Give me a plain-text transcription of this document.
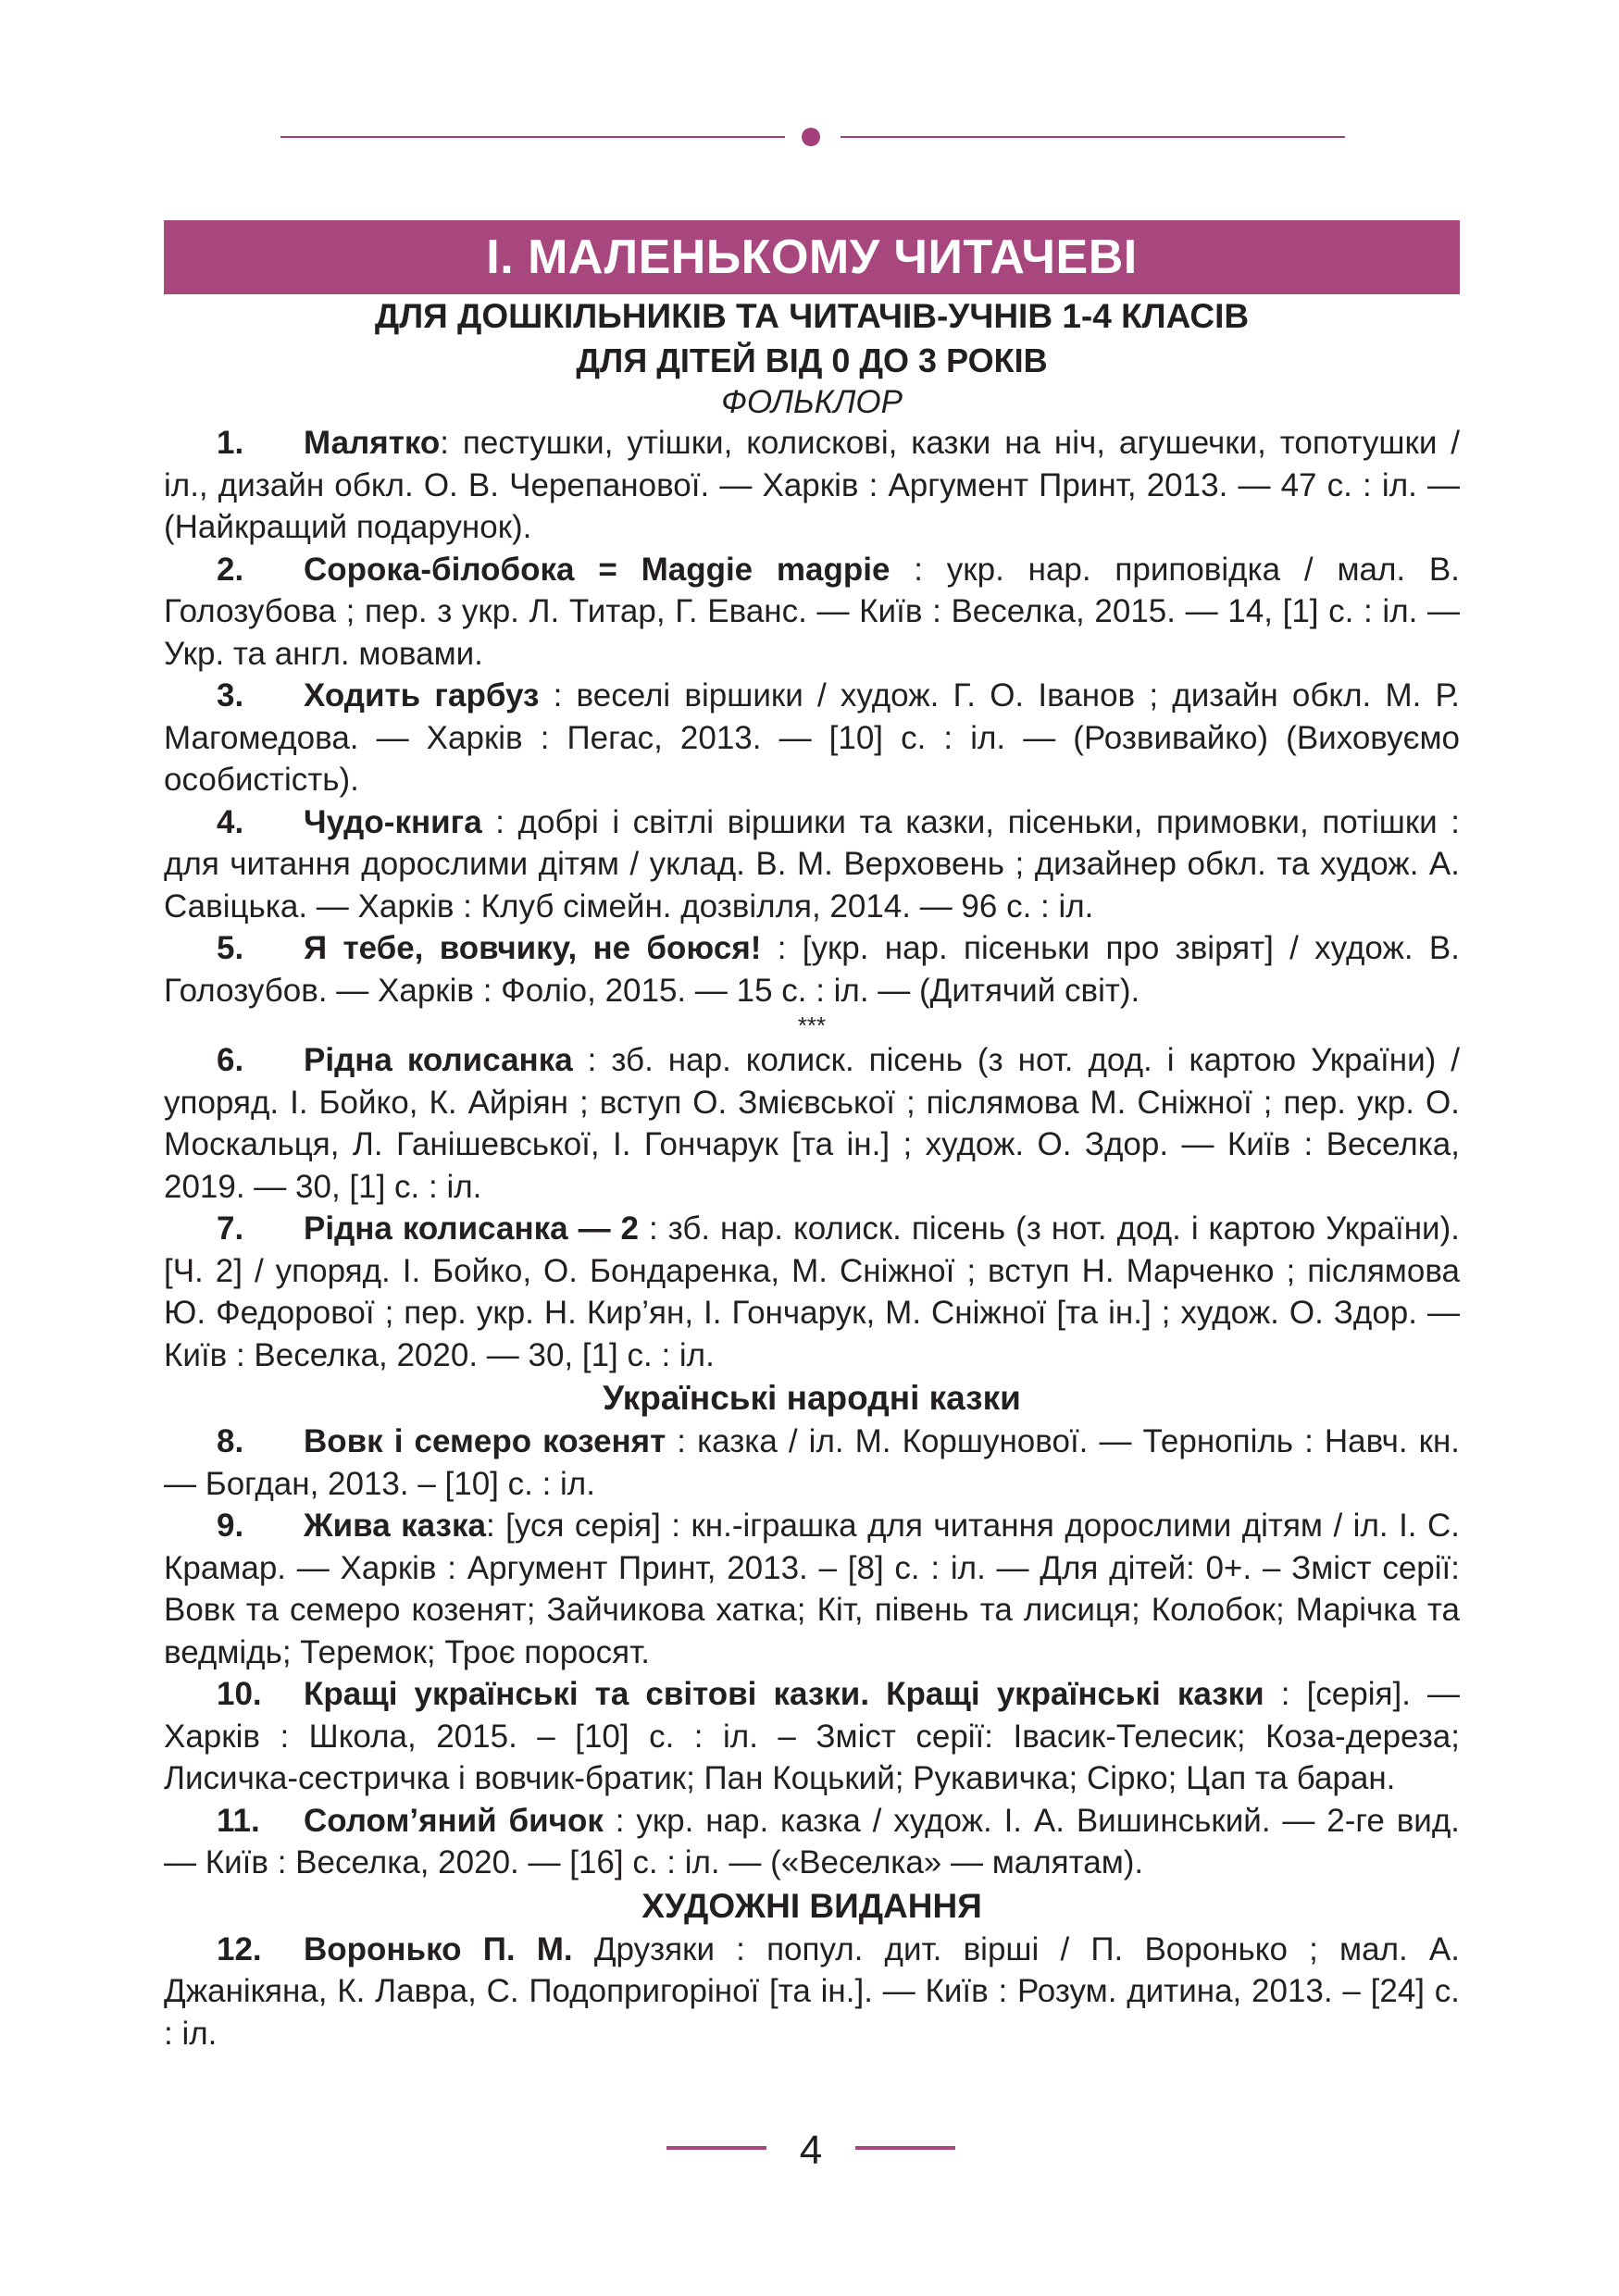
І. МАЛЕНЬКОМУ ЧИТАЧЕВІ
ДЛЯ ДОШКІЛЬНИКІВ ТА ЧИТАЧІВ-УЧНІВ 1-4 КЛАСІВ
ДЛЯ ДІТЕЙ ВІД 0 ДО 3 РОКІВ
ФОЛЬКЛОР
1. Малятко: пестушки, утішки, колискові, казки на ніч, агушечки, топотушки / іл., дизайн обкл. О. В. Черепанової. — Харків : Аргумент Принт, 2013. — 47 с. : іл. — (Найкращий подарунок).
2. Сорока-білобока = Maggie magpie : укр. нар. приповідка / мал. В. Голозубова ; пер. з укр. Л. Титар, Г. Еванс. — Київ : Веселка, 2015. — 14, [1] с. : іл. — Укр. та англ. мовами.
3. Ходить гарбуз : веселі віршики / худож. Г. О. Іванов ; дизайн обкл. М. Р. Магомедова. — Харків : Пегас, 2013. — [10] с. : іл. — (Розвивайко) (Виховуємо особистість).
4. Чудо-книга : добрі і світлі віршики та казки, пісеньки, примовки, потішки : для читання дорослими дітям / уклад. В. М. Верховень ; дизайнер обкл. та худож. А. Савіцька. — Харків : Клуб сімейн. дозвілля, 2014. — 96 с. : іл.
5. Я тебе, вовчику, не боюся! : [укр. нар. пісеньки про звірят] / худож. В. Голозубов. — Харків : Фоліо, 2015. — 15 с. : іл. — (Дитячий світ).
***
6. Рідна колисанка : зб. нар. колиск. пісень (з нот. дод. і картою України) / упоряд. І. Бойко, К. Айріян ; вступ О. Змієвської ; післямова М. Сніжної ; пер. укр. О. Москальця, Л. Ганішевської, І. Гончарук [та ін.] ; худож. О. Здор. — Київ : Веселка, 2019. — 30, [1] с. : іл.
7. Рідна колисанка — 2 : зб. нар. колиск. пісень (з нот. дод. і картою України). [Ч. 2] / упоряд. І. Бойко, О. Бондаренка, М. Сніжної ; вступ Н. Марченко ; післямова Ю. Федорової ; пер. укр. Н. Кир’ян, І. Гончарук, М. Сніжної [та ін.] ; худож. О. Здор. — Київ : Веселка, 2020. — 30, [1] с. : іл.
Українські народні казки
8. Вовк і семеро козенят : казка / іл. М. Коршунової. — Тернопіль : Навч. кн. — Богдан, 2013. – [10] с. : іл.
9. Жива казка: [уся серія] : кн.-іграшка для читання дорослими дітям / іл. І. С. Крамар. — Харків : Аргумент Принт, 2013. – [8] с. : іл. — Для дітей: 0+. – Зміст серії: Вовк та семеро козенят; Зайчикова хатка; Кіт, півень та лисиця; Колобок; Марічка та ведмідь; Теремок; Троє поросят.
10. Кращі українські та світові казки. Кращі українські казки : [серія]. — Харків : Школа, 2015. – [10] с. : іл. – Зміст серії: Івасик-Телесик; Коза-дереза; Лисичка-сестричка і вовчик-братик; Пан Коцький; Рукавичка; Сірко; Цап та баран.
11. Солом’яний бичок : укр. нар. казка / худож. І. А. Вишинський. — 2-ге вид. — Київ : Веселка, 2020. — [16] с. : іл. — («Веселка» — малятам).
ХУДОЖНІ ВИДАННЯ
12. Воронько П. М. Друзяки : попул. дит. вірші / П. Воронько ; мал. А. Джанікяна, К. Лавра, С. Подопригоріної [та ін.]. — Київ : Розум. дитина, 2013. – [24] с. : іл.
4
